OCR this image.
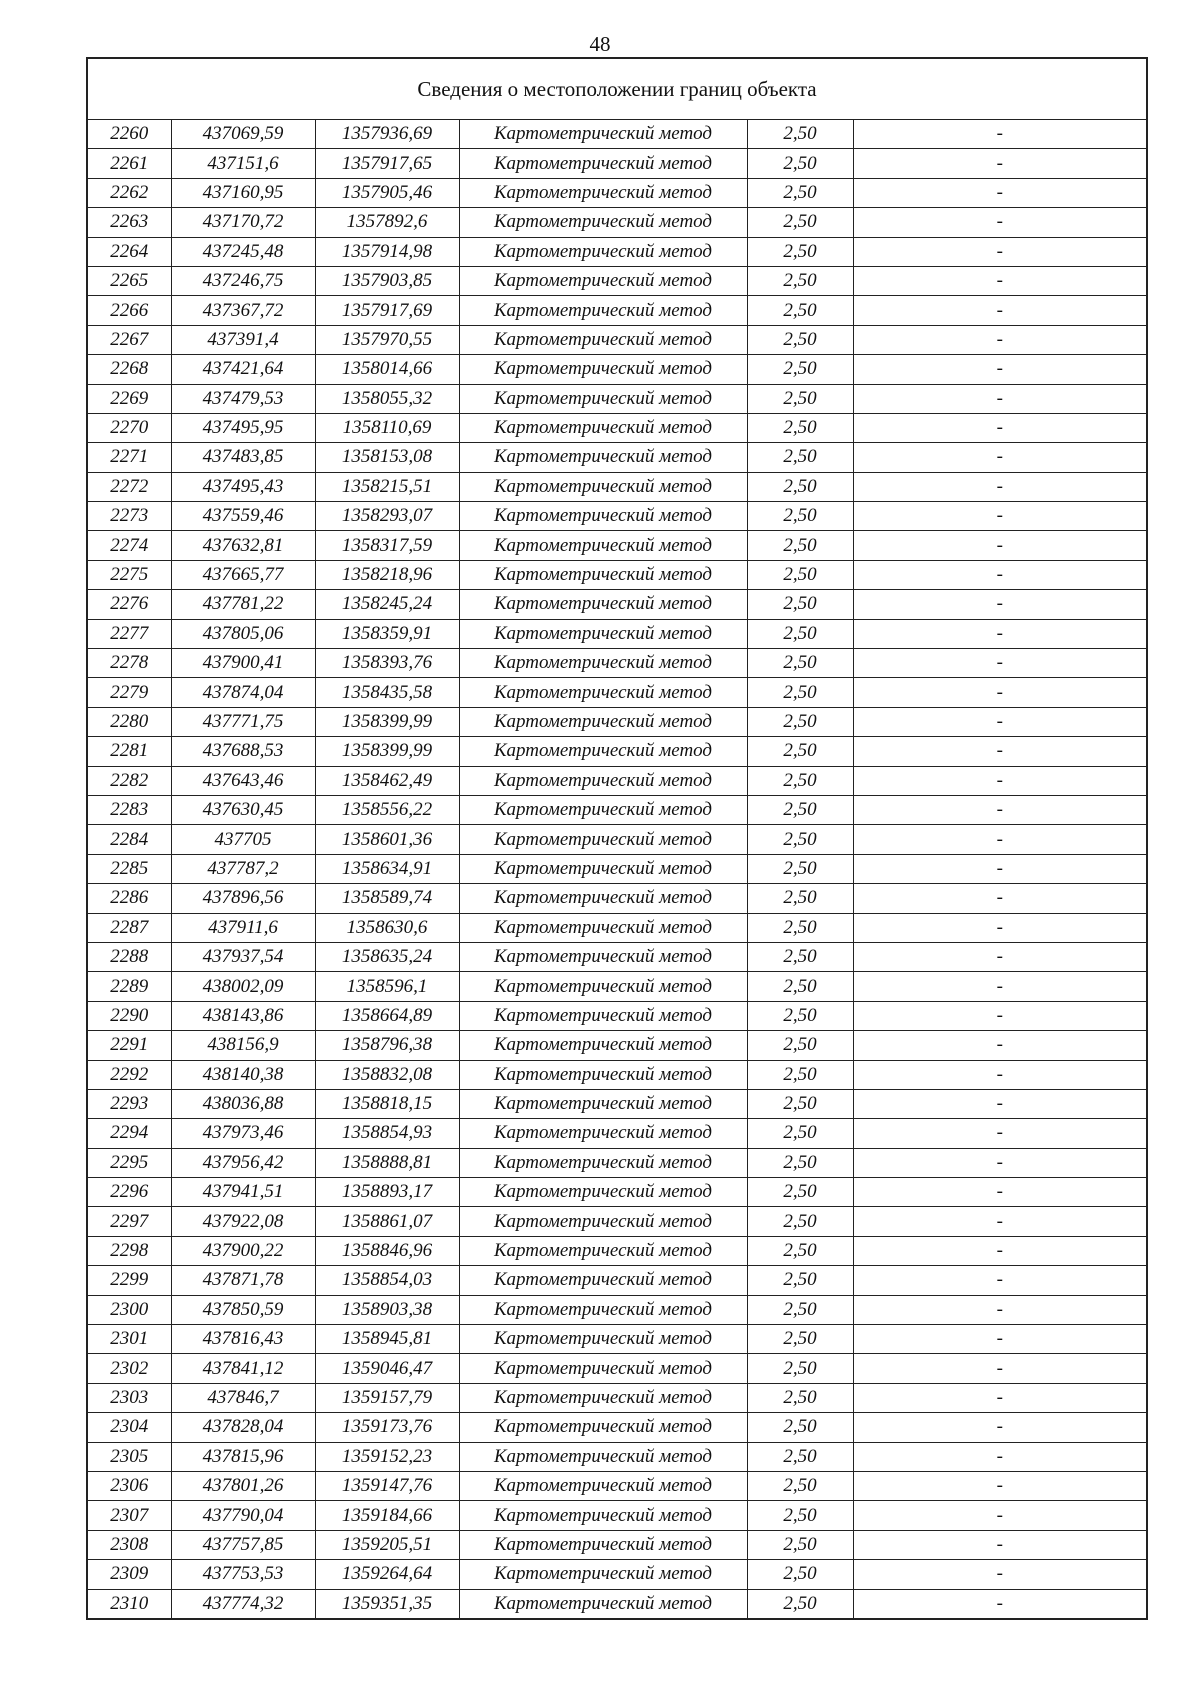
48
Сведения о местоположении границ объекта					
2260	437069,59	1357936,69	Картометрический метод	2,50	-
2261	437151,6	1357917,65	Картометрический метод	2,50	-
2262	437160,95	1357905,46	Картометрический метод	2,50	-
2263	437170,72	1357892,6	Картометрический метод	2,50	-
2264	437245,48	1357914,98	Картометрический метод	2,50	-
2265	437246,75	1357903,85	Картометрический метод	2,50	-
2266	437367,72	1357917,69	Картометрический метод	2,50	-
2267	437391,4	1357970,55	Картометрический метод	2,50	-
2268	437421,64	1358014,66	Картометрический метод	2,50	-
2269	437479,53	1358055,32	Картометрический метод	2,50	-
2270	437495,95	1358110,69	Картометрический метод	2,50	-
2271	437483,85	1358153,08	Картометрический метод	2,50	-
2272	437495,43	1358215,51	Картометрический метод	2,50	-
2273	437559,46	1358293,07	Картометрический метод	2,50	-
2274	437632,81	1358317,59	Картометрический метод	2,50	-
2275	437665,77	1358218,96	Картометрический метод	2,50	-
2276	437781,22	1358245,24	Картометрический метод	2,50	-
2277	437805,06	1358359,91	Картометрический метод	2,50	-
2278	437900,41	1358393,76	Картометрический метод	2,50	-
2279	437874,04	1358435,58	Картометрический метод	2,50	-
2280	437771,75	1358399,99	Картометрический метод	2,50	-
2281	437688,53	1358399,99	Картометрический метод	2,50	-
2282	437643,46	1358462,49	Картометрический метод	2,50	-
2283	437630,45	1358556,22	Картометрический метод	2,50	-
2284	437705	1358601,36	Картометрический метод	2,50	-
2285	437787,2	1358634,91	Картометрический метод	2,50	-
2286	437896,56	1358589,74	Картометрический метод	2,50	-
2287	437911,6	1358630,6	Картометрический метод	2,50	-
2288	437937,54	1358635,24	Картометрический метод	2,50	-
2289	438002,09	1358596,1	Картометрический метод	2,50	-
2290	438143,86	1358664,89	Картометрический метод	2,50	-
2291	438156,9	1358796,38	Картометрический метод	2,50	-
2292	438140,38	1358832,08	Картометрический метод	2,50	-
2293	438036,88	1358818,15	Картометрический метод	2,50	-
2294	437973,46	1358854,93	Картометрический метод	2,50	-
2295	437956,42	1358888,81	Картометрический метод	2,50	-
2296	437941,51	1358893,17	Картометрический метод	2,50	-
2297	437922,08	1358861,07	Картометрический метод	2,50	-
2298	437900,22	1358846,96	Картометрический метод	2,50	-
2299	437871,78	1358854,03	Картометрический метод	2,50	-
2300	437850,59	1358903,38	Картометрический метод	2,50	-
2301	437816,43	1358945,81	Картометрический метод	2,50	-
2302	437841,12	1359046,47	Картометрический метод	2,50	-
2303	437846,7	1359157,79	Картометрический метод	2,50	-
2304	437828,04	1359173,76	Картометрический метод	2,50	-
2305	437815,96	1359152,23	Картометрический метод	2,50	-
2306	437801,26	1359147,76	Картометрический метод	2,50	-
2307	437790,04	1359184,66	Картометрический метод	2,50	-
2308	437757,85	1359205,51	Картометрический метод	2,50	-
2309	437753,53	1359264,64	Картометрический метод	2,50	-
2310	437774,32	1359351,35	Картометрический метод	2,50	-
